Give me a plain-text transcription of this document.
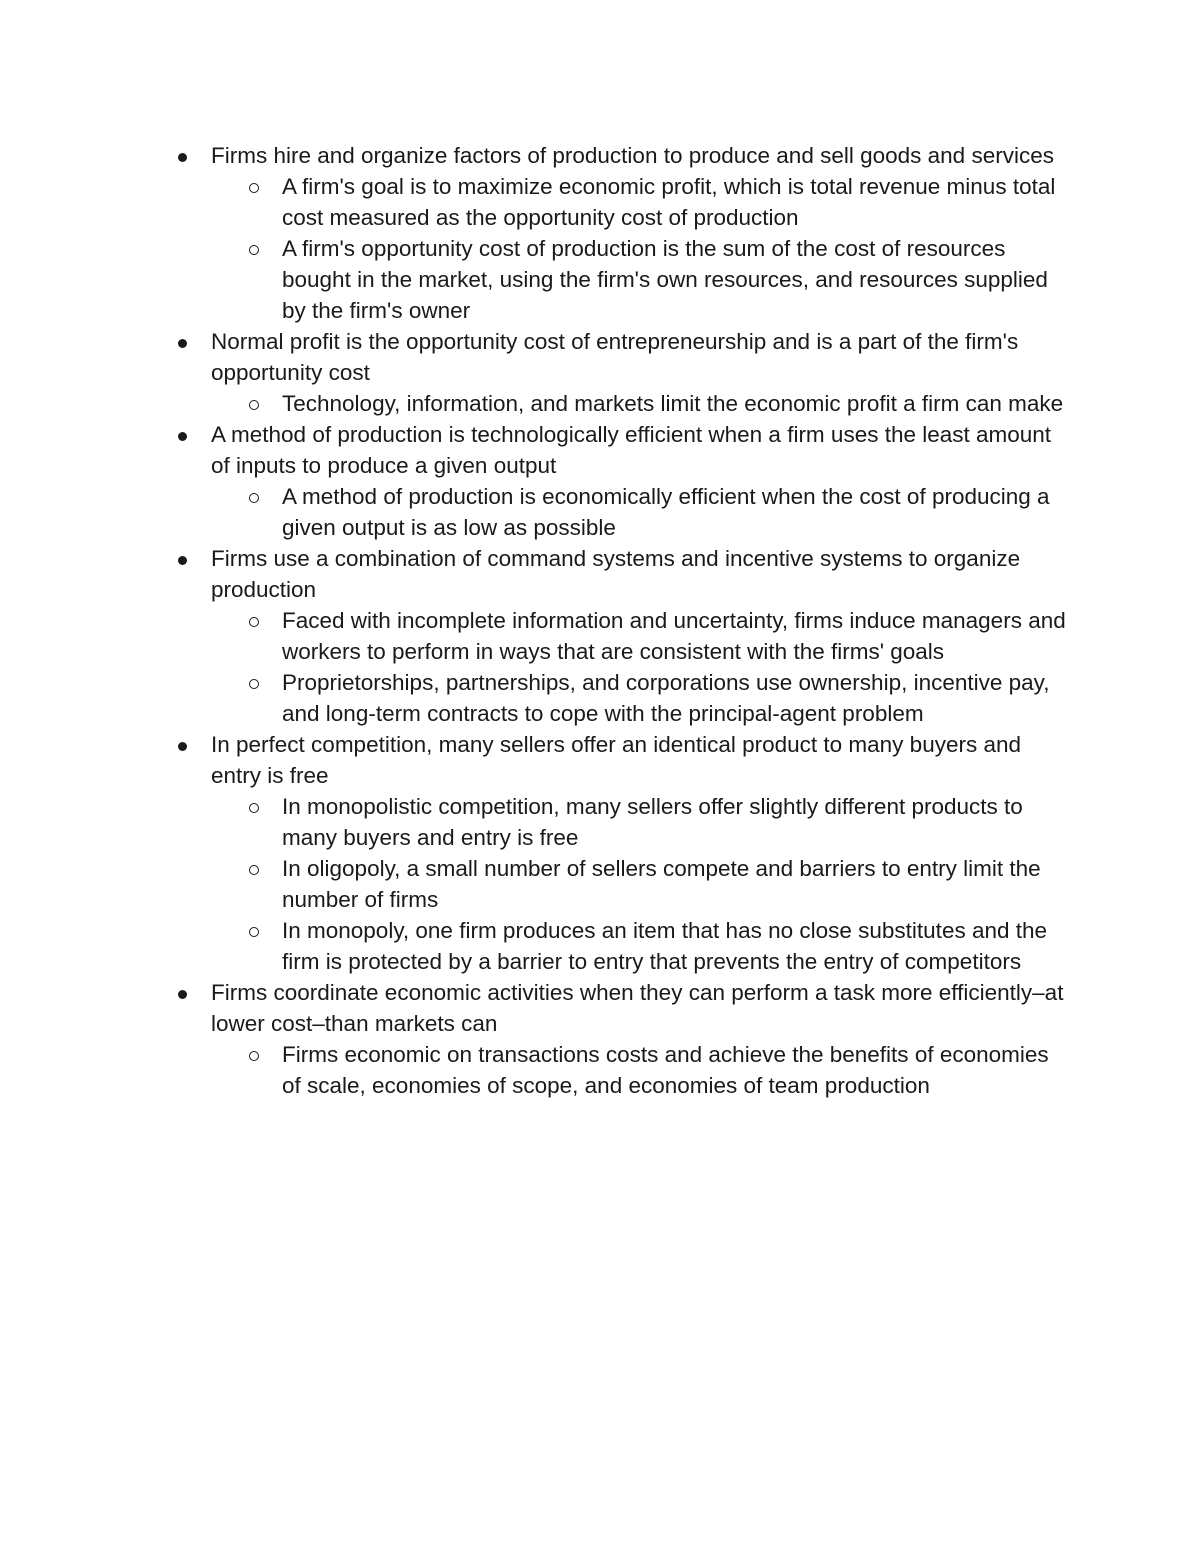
Firms hire and organize factors of production to produce and sell goods and services
A firm's goal is to maximize economic profit, which is total revenue minus total cost measured as the opportunity cost of production
A firm's opportunity cost of production is the sum of the cost of resources bought in the market, using the firm's own resources, and resources supplied by the firm's owner
Normal profit is the opportunity cost of entrepreneurship and is a part of the firm's opportunity cost
Technology, information, and markets limit the economic profit a firm can make
A method of production is technologically efficient when a firm uses the least amount of inputs to produce a given output
A method of production is economically efficient when the cost of producing a given output is as low as possible
Firms use a combination of command systems and incentive systems to organize production
Faced with incomplete information and uncertainty, firms induce managers and workers to perform in ways that are consistent with the firms' goals
Proprietorships, partnerships, and corporations use ownership, incentive pay, and long-term contracts to cope with the principal-agent problem
In perfect competition, many sellers offer an identical product to many buyers and entry is free
In monopolistic competition, many sellers offer slightly different products to many buyers and entry is free
In oligopoly, a small number of sellers compete and barriers to entry limit the number of firms
In monopoly, one firm produces an item that has no close substitutes and the firm is protected by a barrier to entry that prevents the entry of competitors
Firms coordinate economic activities when they can perform a task more efficiently–at lower cost–than markets can
Firms economic on transactions costs and achieve the benefits of economies of scale, economies of scope, and economies of team production
